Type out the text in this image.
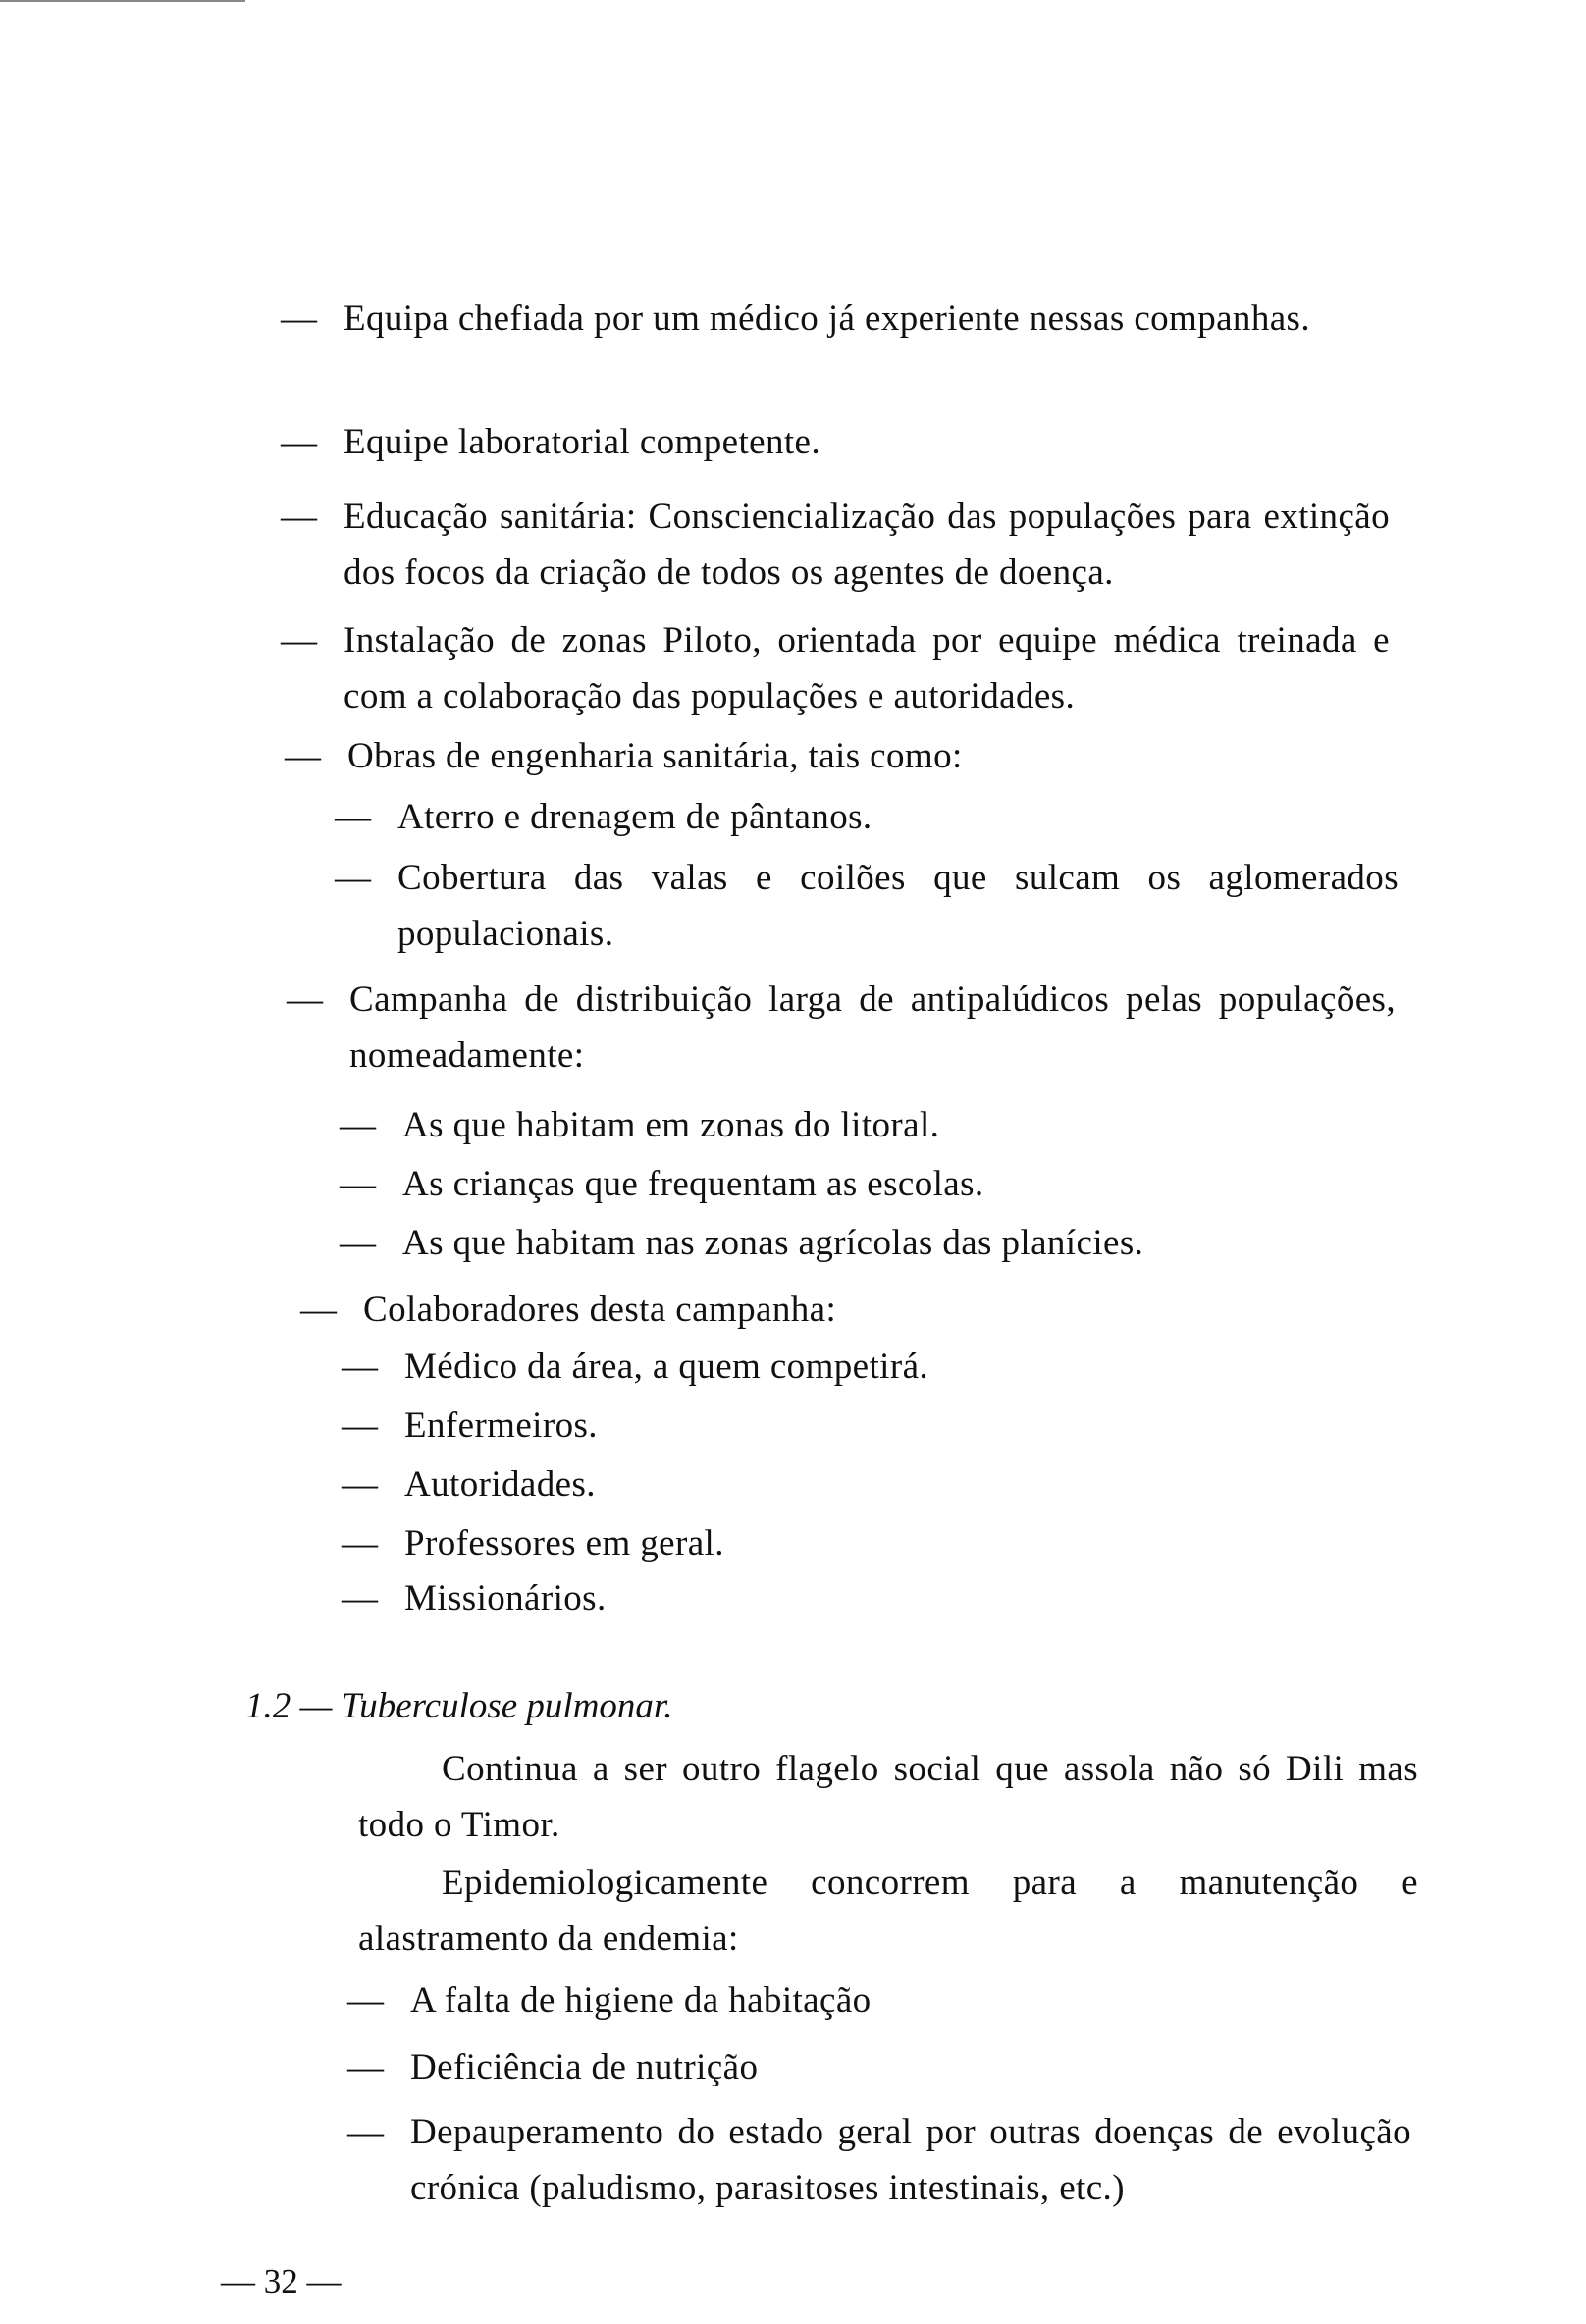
— Equipa chefiada por um médico já experiente nessas companhas.
— Equipe laboratorial competente.
— Educação sanitária: Consciencialização das populações para extinção dos focos da criação de todos os agentes de doença.
— Instalação de zonas Piloto, orientada por equipe médica treinada e com a colaboração das populações e autoridades.
— Obras de engenharia sanitária, tais como:
— Aterro e drenagem de pântanos.
— Cobertura das valas e coilões que sulcam os aglomerados populacionais.
— Campanha de distribuição larga de antipalúdicos pelas populações, nomeadamente:
— As que habitam em zonas do litoral.
— As crianças que frequentam as escolas.
— As que habitam nas zonas agrícolas das planícies.
— Colaboradores desta campanha:
— Médico da área, a quem competirá.
— Enfermeiros.
— Autoridades.
— Professores em geral.
— Missionários.
1.2 — Tuberculose pulmonar.
Continua a ser outro flagelo social que assola não só Dili mas todo o Timor.
Epidemiologicamente concorrem para a manutenção e alastramento da endemia:
— A falta de higiene da habitação
— Deficiência de nutrição
— Depauperamento do estado geral por outras doenças de evolução crónica (paludismo, parasitoses intestinais, etc.)
— 32 —
